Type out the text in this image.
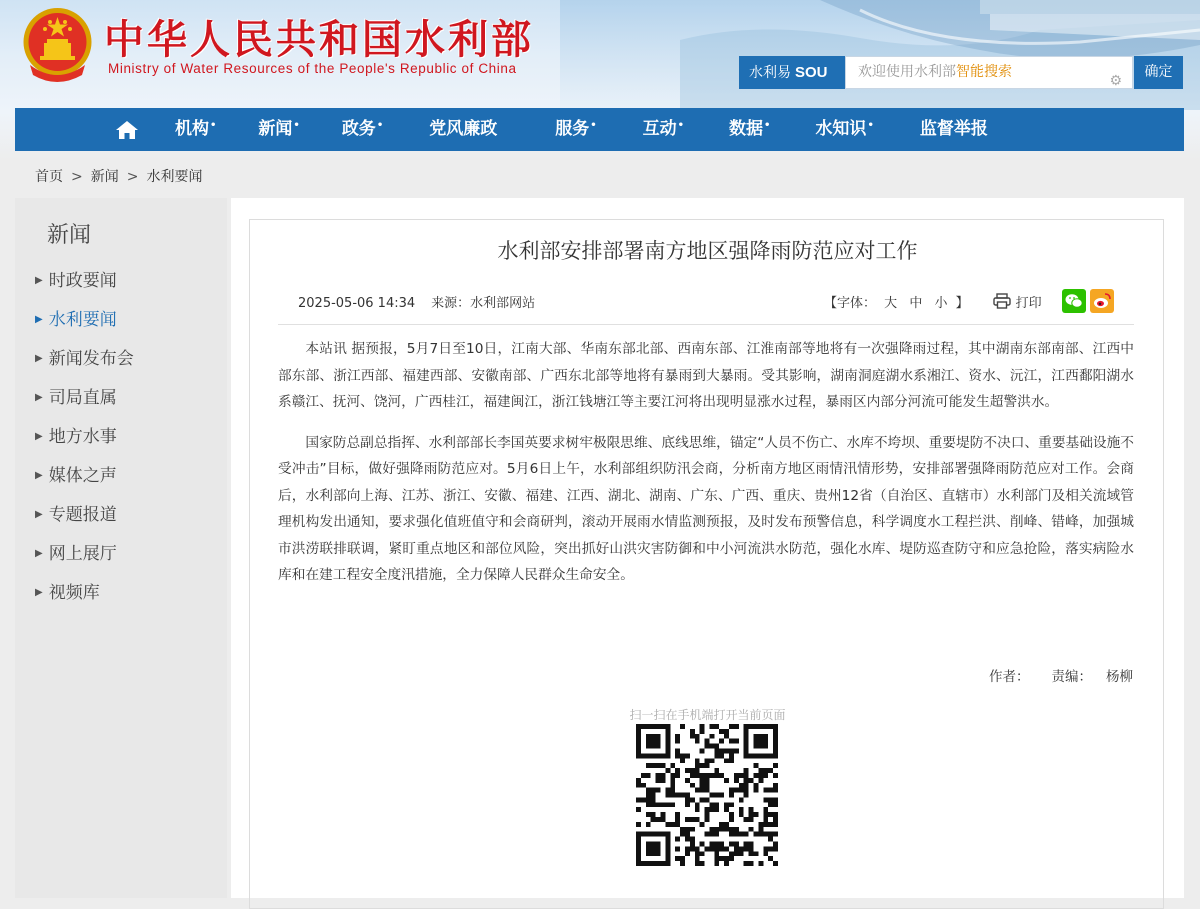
中华人民共和国水利部
Ministry of Water Resources of the People's Republic of China	水利易 SOU	欢迎使用水利部智能搜索
⚙
确定
机构• 新闻• 政务•	党风廉政	服务•	互动•	数据•	水知识•	监督举报
首页 > 新闻 > 水利要闻
新闻
▶ 时政要闻
▶ 水利要闻
▶ 新闻发布会
▶ 司局直属
▶ 地方水事
▶ 媒体之声
▶ 专题报道
▶ 网上展厅
▶ 视频库
水利部安排部署南方地区强降雨防范应对工作
2025-05-06 14:34 来源：水利部网站	【字体： 大 中 小 】	打印

本站讯 据预报，5月7日至10日，江南大部、华南东部北部、西南东部、江淮南部等地将有一次强降雨过程，其中湖南东部南部、江西中部东部、浙江西部、福建西部、安徽南部、广西东北部等地将有暴雨到大暴雨。受其影响，湖南洞庭湖水系湘江、资水、沅江，江西鄱阳湖水系赣江、抚河、饶河，广西桂江，福建闽江，浙江钱塘江等主要江河将出现明显涨水过程，暴雨区内部分河流可能发生超警洪水。

国家防总副总指挥、水利部部长李国英要求树牢极限思维、底线思维，锚定“人员不伤亡、水库不垮坝、重要堤防不决口、重要基础设施不受冲击”目标，做好强降雨防范应对。5月6日上午，水利部组织防汛会商，分析南方地区雨情汛情形势，安排部署强降雨防范应对工作。会商后，水利部向上海、江苏、浙江、安徽、福建、江西、湖北、湖南、广东、广西、重庆、贵州12省（自治区、直辖市）水利部门及相关流域管理机构发出通知，要求强化值班值守和会商研判，滚动开展雨水情监测预报，及时发布预警信息，科学调度水工程拦洪、削峰、错峰，加强城市洪涝联排联调，紧盯重点地区和部位风险，突出抓好山洪灾害防御和中小河流洪水防范，强化水库、堤防巡查防守和应急抢险，落实病险水库和在建工程安全度汛措施，全力保障人民群众生命安全。

作者： 责编： 杨柳
扫一扫在手机端打开当前页面
